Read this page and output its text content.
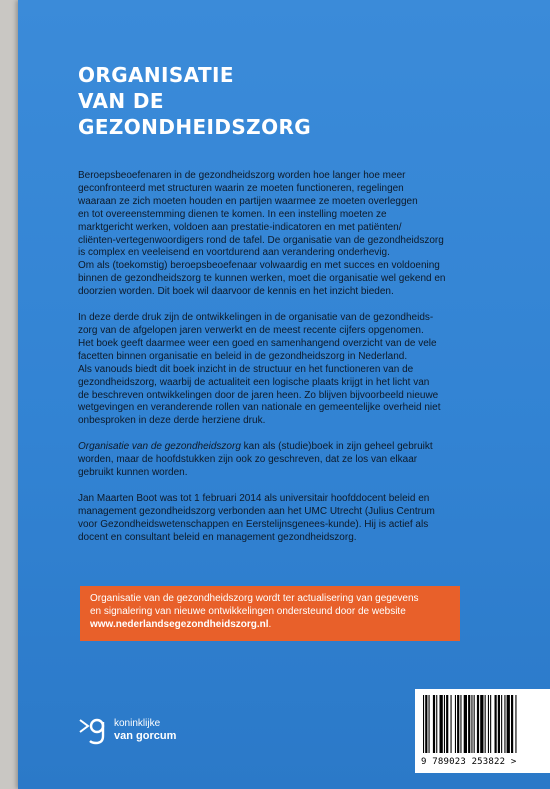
ORGANISATIE
VAN DE
GEZONDHEIDSZORG
Beroepsbeoefenaren in de gezondheidszorg worden hoe langer hoe meer
geconfronteerd met structuren waarin ze moeten functioneren, regelingen
waaraan ze zich moeten houden en partijen waarmee ze moeten overleggen
en tot overeenstemming dienen te komen. In een instelling moeten ze
marktgericht werken, voldoen aan prestatie-indicatoren en met patiënten/
cliënten-vertegenwoordigers rond de tafel. De organisatie van de gezondheidszorg
is complex en veeleisend en voortdurend aan verandering onderhevig.
Om als (toekomstig) beroepsbeoefenaar volwaardig en met succes en voldoening
binnen de gezondheidszorg te kunnen werken, moet die organisatie wel gekend en
doorzien worden. Dit boek wil daarvoor de kennis en het inzicht bieden.
In deze derde druk zijn de ontwikkelingen in de organisatie van de gezondheids-
zorg van de afgelopen jaren verwerkt en de meest recente cijfers opgenomen.
Het boek geeft daarmee weer een goed en samenhangend overzicht van de vele
facetten binnen organisatie en beleid in de gezondheidszorg in Nederland.
Als vanouds biedt dit boek inzicht in de structuur en het functioneren van de
gezondheidszorg, waarbij de actualiteit een logische plaats krijgt in het licht van
de beschreven ontwikkelingen door de jaren heen. Zo blijven bijvoorbeeld nieuwe
wetgevingen en veranderende rollen van nationale en gemeentelijke overheid niet
onbesproken in deze derde herziene druk.
Organisatie van de gezondheidszorg kan als (studie)boek in zijn geheel gebruikt
worden, maar de hoofdstukken zijn ook zo geschreven, dat ze los van elkaar
gebruikt kunnen worden.
Jan Maarten Boot was tot 1 februari 2014 als universitair hoofddocent beleid en
management gezondheidszorg verbonden aan het UMC Utrecht (Julius Centrum
voor Gezondheidswetenschappen en Eerstelijnsgenees-kunde). Hij is actief als
docent en consultant beleid en management gezondheidszorg.
Organisatie van de gezondheidszorg wordt ter actualisering van gegevens
en signalering van nieuwe ontwikkelingen ondersteund door de website
www.nederlandsegezondheidszorg.nl.
koninklijke
van gorcum
9 789023 253822 >
